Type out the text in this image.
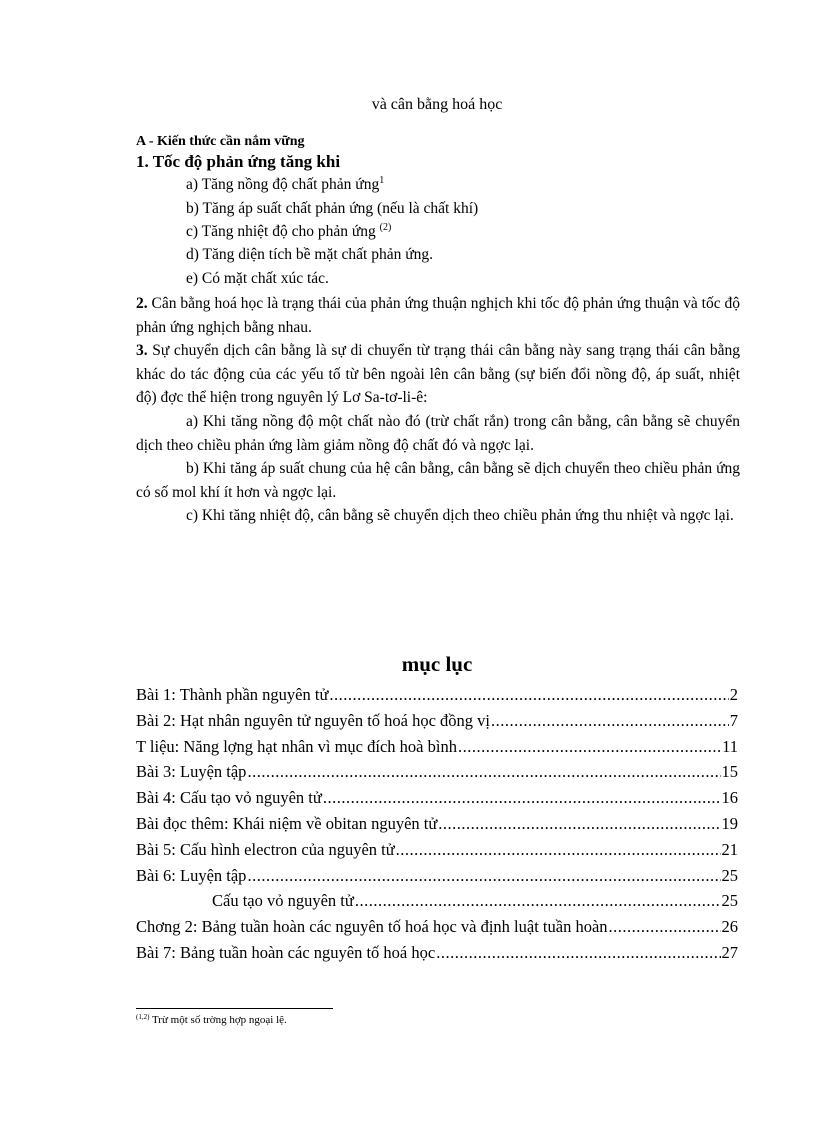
và cân bằng hoá học
A - Kiến thức cần nắm vững
1. Tốc độ phản ứng tăng khi
a) Tăng nồng độ chất phản ứng$^1$
b) Tăng áp suất chất phản ứng (nếu là chất khí)
c) Tăng nhiệt độ cho phản ứng $^{(2)}$
d) Tăng diện tích bề mặt chất phản ứng.
e) Có mặt chất xúc tác.
2. Cân bằng hoá học là trạng thái của phản ứng thuận nghịch khi tốc độ phản ứng thuận và tốc độ phản ứng nghịch bằng nhau.
3. Sự chuyển dịch cân bằng là sự di chuyển từ trạng thái cân bằng này sang trạng thái cân bằng khác do tác động của các yếu tố từ bên ngoài lên cân bằng (sự biến đổi nồng độ, áp suất, nhiệt độ) đợc thể hiện trong nguyên lý Lơ Sa-tơ-li-ê:
a) Khi tăng nồng độ một chất nào đó (trừ chất rắn) trong cân bằng, cân bằng sẽ chuyển dịch theo chiều phản ứng làm giảm nồng độ chất đó và ngợc lại.
b) Khi tăng áp suất chung của hệ cân bằng, cân bằng sẽ dịch chuyển theo chiều phản ứng có số mol khí ít hơn và ngợc lại.
c) Khi tăng nhiệt độ, cân bằng sẽ chuyển dịch theo chiều phản ứng thu nhiệt và ngợc lại.
mục lục
Bài 1: Thành phần nguyên tử .....	2
Bài 2: Hạt nhân nguyên tử nguyên tố hoá học đồng vị .....	7
T liệu: Năng lợng hạt nhân vì mục đích hoà bình .....	11
Bài 3: Luyện tập .....	15
Bài 4: Cấu tạo vỏ nguyên tử .....	16
Bài đọc thêm: Khái niệm về obitan nguyên tử .....	19
Bài 5: Cấu hình electron của nguyên tử .....	21
Bài 6: Luyện tập .....	25
Cấu tạo vỏ nguyên tử .....	25
Chơng 2: Bảng tuần hoàn các nguyên tố hoá học và định luật tuần hoàn .....	26
Bài 7: Bảng tuần hoàn các nguyên tố hoá học .....	27
$^{(1,2)}$ Trừ một số trờng hợp ngoại lệ.
